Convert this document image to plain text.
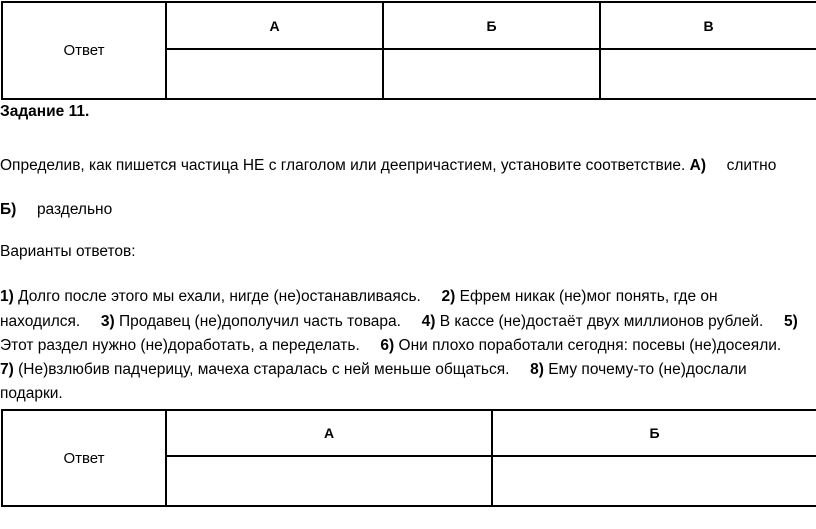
Ответ	А	Б	В

Задание 11.
Определив, как пишется частица НЕ с глаголом или деепричастием, установите соответствие. А) слитно
Б) раздельно
Варианты ответов:
1) Долго после этого мы ехали, нигде (не)останавливаясь. 2) Ефрем никак (не)мог понять, где он
находился. 3) Продавец (не)дополучил часть товара. 4) В кассе (не)достаёт двух миллионов рублей. 5)
Этот раздел нужно (не)доработать, а переделать. 6) Они плохо поработали сегодня: посевы (не)досеяли.
7) (Не)взлюбив падчерицу, мачеха старалась с ней меньше общаться. 8) Ему почему-то (не)дослали
подарки.
Ответ	А	Б
